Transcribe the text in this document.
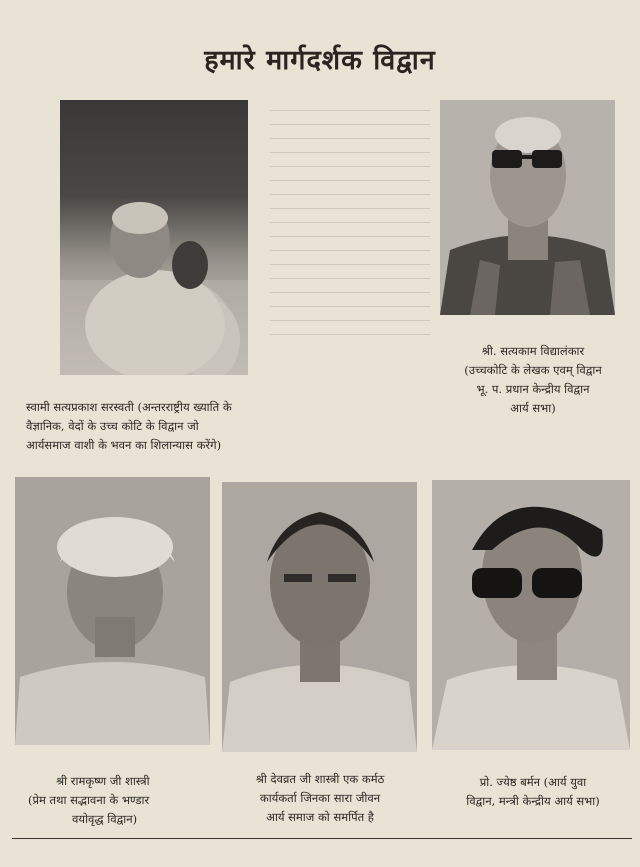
हमारे मार्गदर्शक विद्वान
स्वामी सत्यप्रकाश सरस्वती (अन्तरराष्ट्रीय ख्याति के
वैज्ञानिक, वेदों के उच्च कोटि के विद्वान जो
आर्यसमाज वाशी के भवन का शिलान्यास करेंगे)
श्री. सत्यकाम विद्यालंकार
(उच्चकोटि के लेखक एवम् विद्वान
भू. प. प्रधान केन्द्रीय विद्वान
आर्य सभा)
श्री रामकृष्ण जी शास्त्री
(प्रेम तथा सद्भावना के भण्डार
वयोवृद्ध विद्वान)
श्री देवव्रत जी शास्त्री एक कर्मठ
कार्यकर्ता जिनका सारा जीवन
आर्य समाज को समर्पित है
प्रो. ज्येष्ठ बर्मन (आर्य युवा
विद्वान, मन्त्री केन्द्रीय आर्य सभा)
